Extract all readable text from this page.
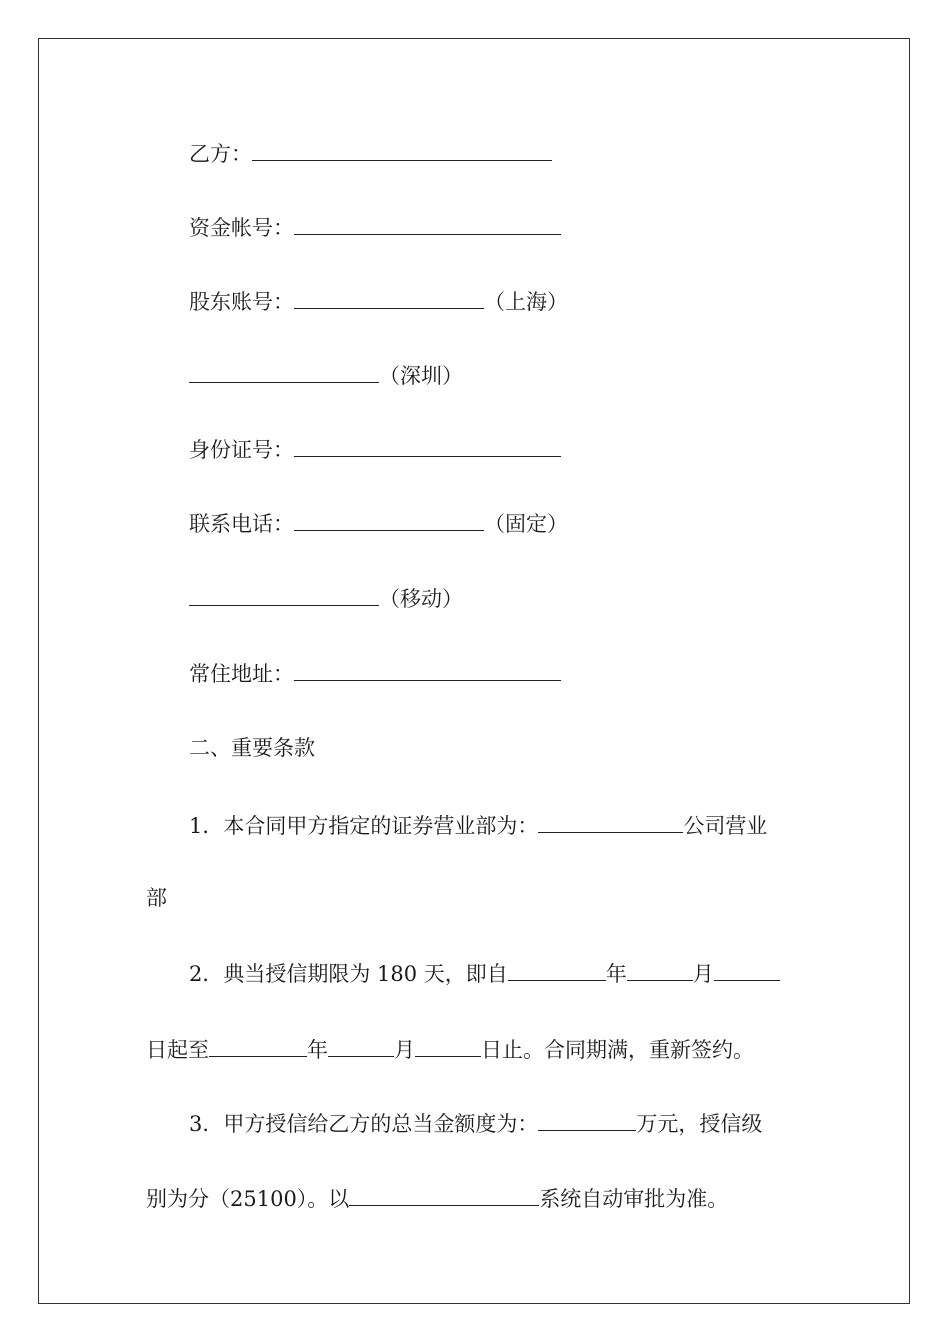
乙方：
资金帐号：
股东账号：	（上海）
（深圳）
身份证号：
联系电话：	（固定）
（移动）
常住地址：
二、重要条款
1．本合同甲方指定的证券营业部为：	公司营业
部
2．典当授信期限为 180 天，即自	年	月
日起至	年	月	日止。合同期满，重新签约。
3．甲方授信给乙方的总当金额度为：	万元，授信级
别为分（25100）。以	系统自动审批为准。
